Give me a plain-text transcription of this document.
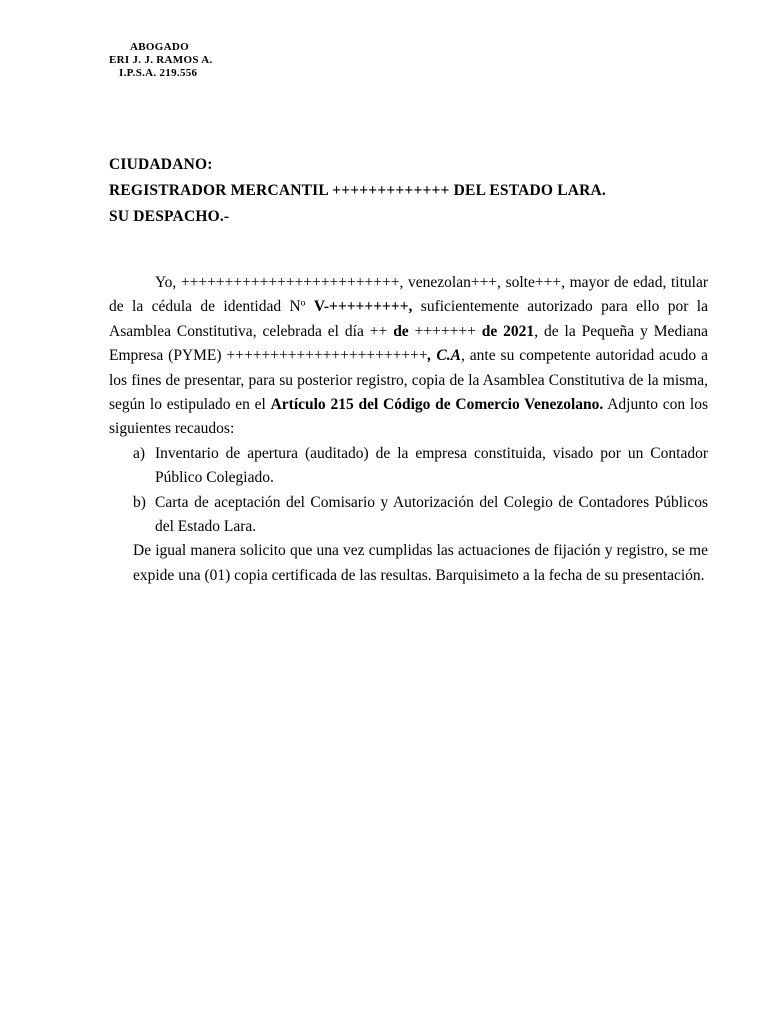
ABOGADO
ERI J. J. RAMOS A.
I.P.S.A. 219.556
CIUDADANO:
REGISTRADOR MERCANTIL +++++++++++++ DEL ESTADO LARA.
SU DESPACHO.-

Yo, +++++++++++++++++++++++++, venezolan+++, solte+++, mayor de edad, titular de la cédula de identidad Nº V-+++++++++, suficientemente autorizado para ello por la Asamblea Constitutiva, celebrada el día ++ de +++++++ de 2021, de la Pequeña y Mediana Empresa (PYME) +++++++++++++++++++++++, C.A, ante su competente autoridad acudo a los fines de presentar, para su posterior registro, copia de la Asamblea Constitutiva de la misma, según lo estipulado en el Artículo 215 del Código de Comercio Venezolano. Adjunto con los siguientes recaudos:

a) Inventario de apertura (auditado) de la empresa constituida, visado por un Contador Público Colegiado.
b) Carta de aceptación del Comisario y Autorización del Colegio de Contadores Públicos del Estado Lara.

De igual manera solicito que una vez cumplidas las actuaciones de fijación y registro, se me expide una (01) copia certificada de las resultas. Barquisimeto a la fecha de su presentación.
